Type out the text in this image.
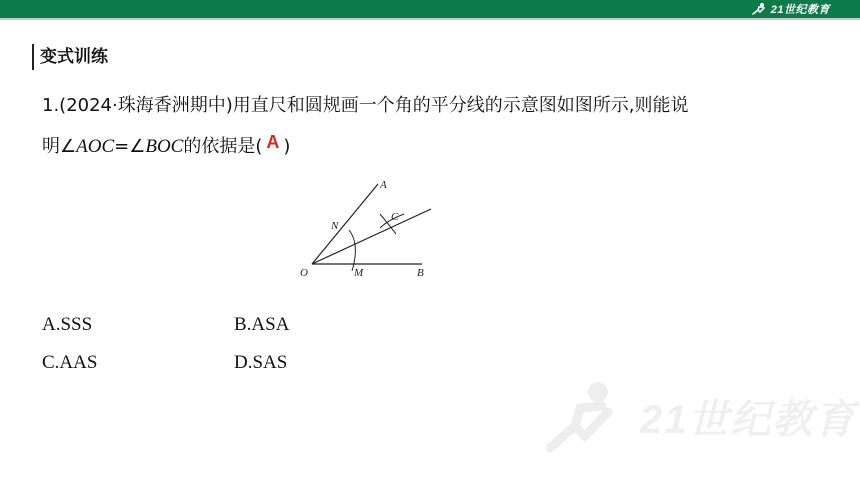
21世纪教育
变式训练
1.(2024·珠海香洲期中)用直尺和圆规画一个角的平分线的示意图如图所示,则能说
明∠AOC=∠BOC的依据是( A )
O
A
B
C
N
M
A.SSS	B.ASA
C.AAS	D.SAS
21世纪教育
